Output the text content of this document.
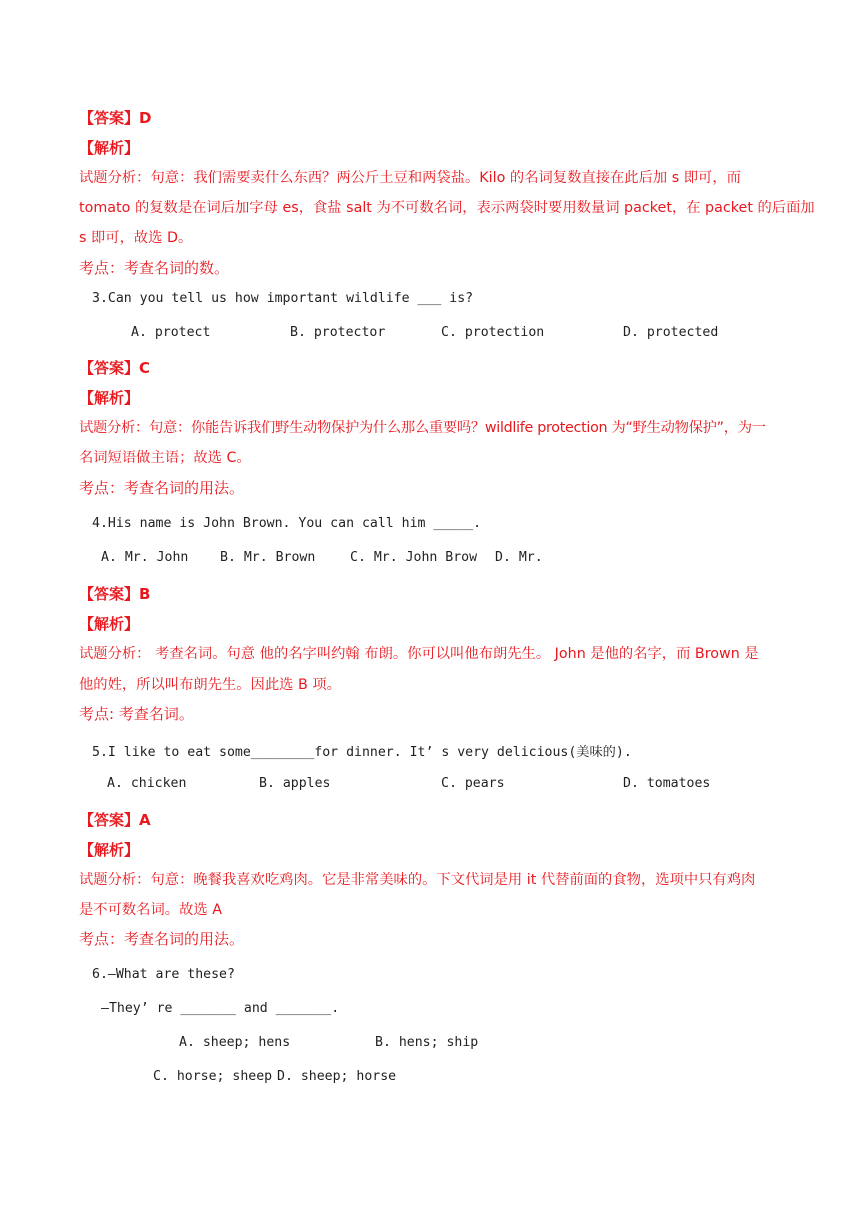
【答案】D
【解析】
试题分析：句意：我们需要卖什么东西？两公斤土豆和两袋盐。Kilo 的名词复数直接在此后加 s 即可，而
tomato 的复数是在词后加字母 es，食盐 salt 为不可数名词，表示两袋时要用数量词 packet，在 packet 的后面加
s 即可，故选 D。
考点：考查名词的数。
3.Can you tell us how important wildlife ___ is?
A. protect	B. protector	C. protection	D. protected
【答案】C
【解析】
试题分析：句意：你能告诉我们野生动物保护为什么那么重要吗？wildlife protection 为“野生动物保护”，为一
名词短语做主语；故选 C。
考点：考查名词的用法。
4.His name is John Brown. You can call him _____.
A. Mr. John B. Mr. Brown	C. Mr. John Brow D. Mr.
【答案】B
【解析】
试题分析： 考查名词。句意 他的名字叫约翰 布朗。你可以叫他布朗先生。 John 是他的名字，而 Brown 是
他的姓，所以叫布朗先生。因此选 B 项。
考点: 考查名词。
5.I like to eat some________for dinner. It’ s very delicious(美味的).
A. chicken	B. apples	C. pears	D. tomatoes
【答案】A
【解析】
试题分析：句意：晚餐我喜欢吃鸡肉。它是非常美味的。下文代词是用 it 代替前面的食物，选项中只有鸡肉
是不可数名词。故选 A
考点：考查名词的用法。
6.—What are these?
—They’ re _______ and _______.
A. sheep; hens	B. hens; ship
C. horse; sheep D. sheep; horse
